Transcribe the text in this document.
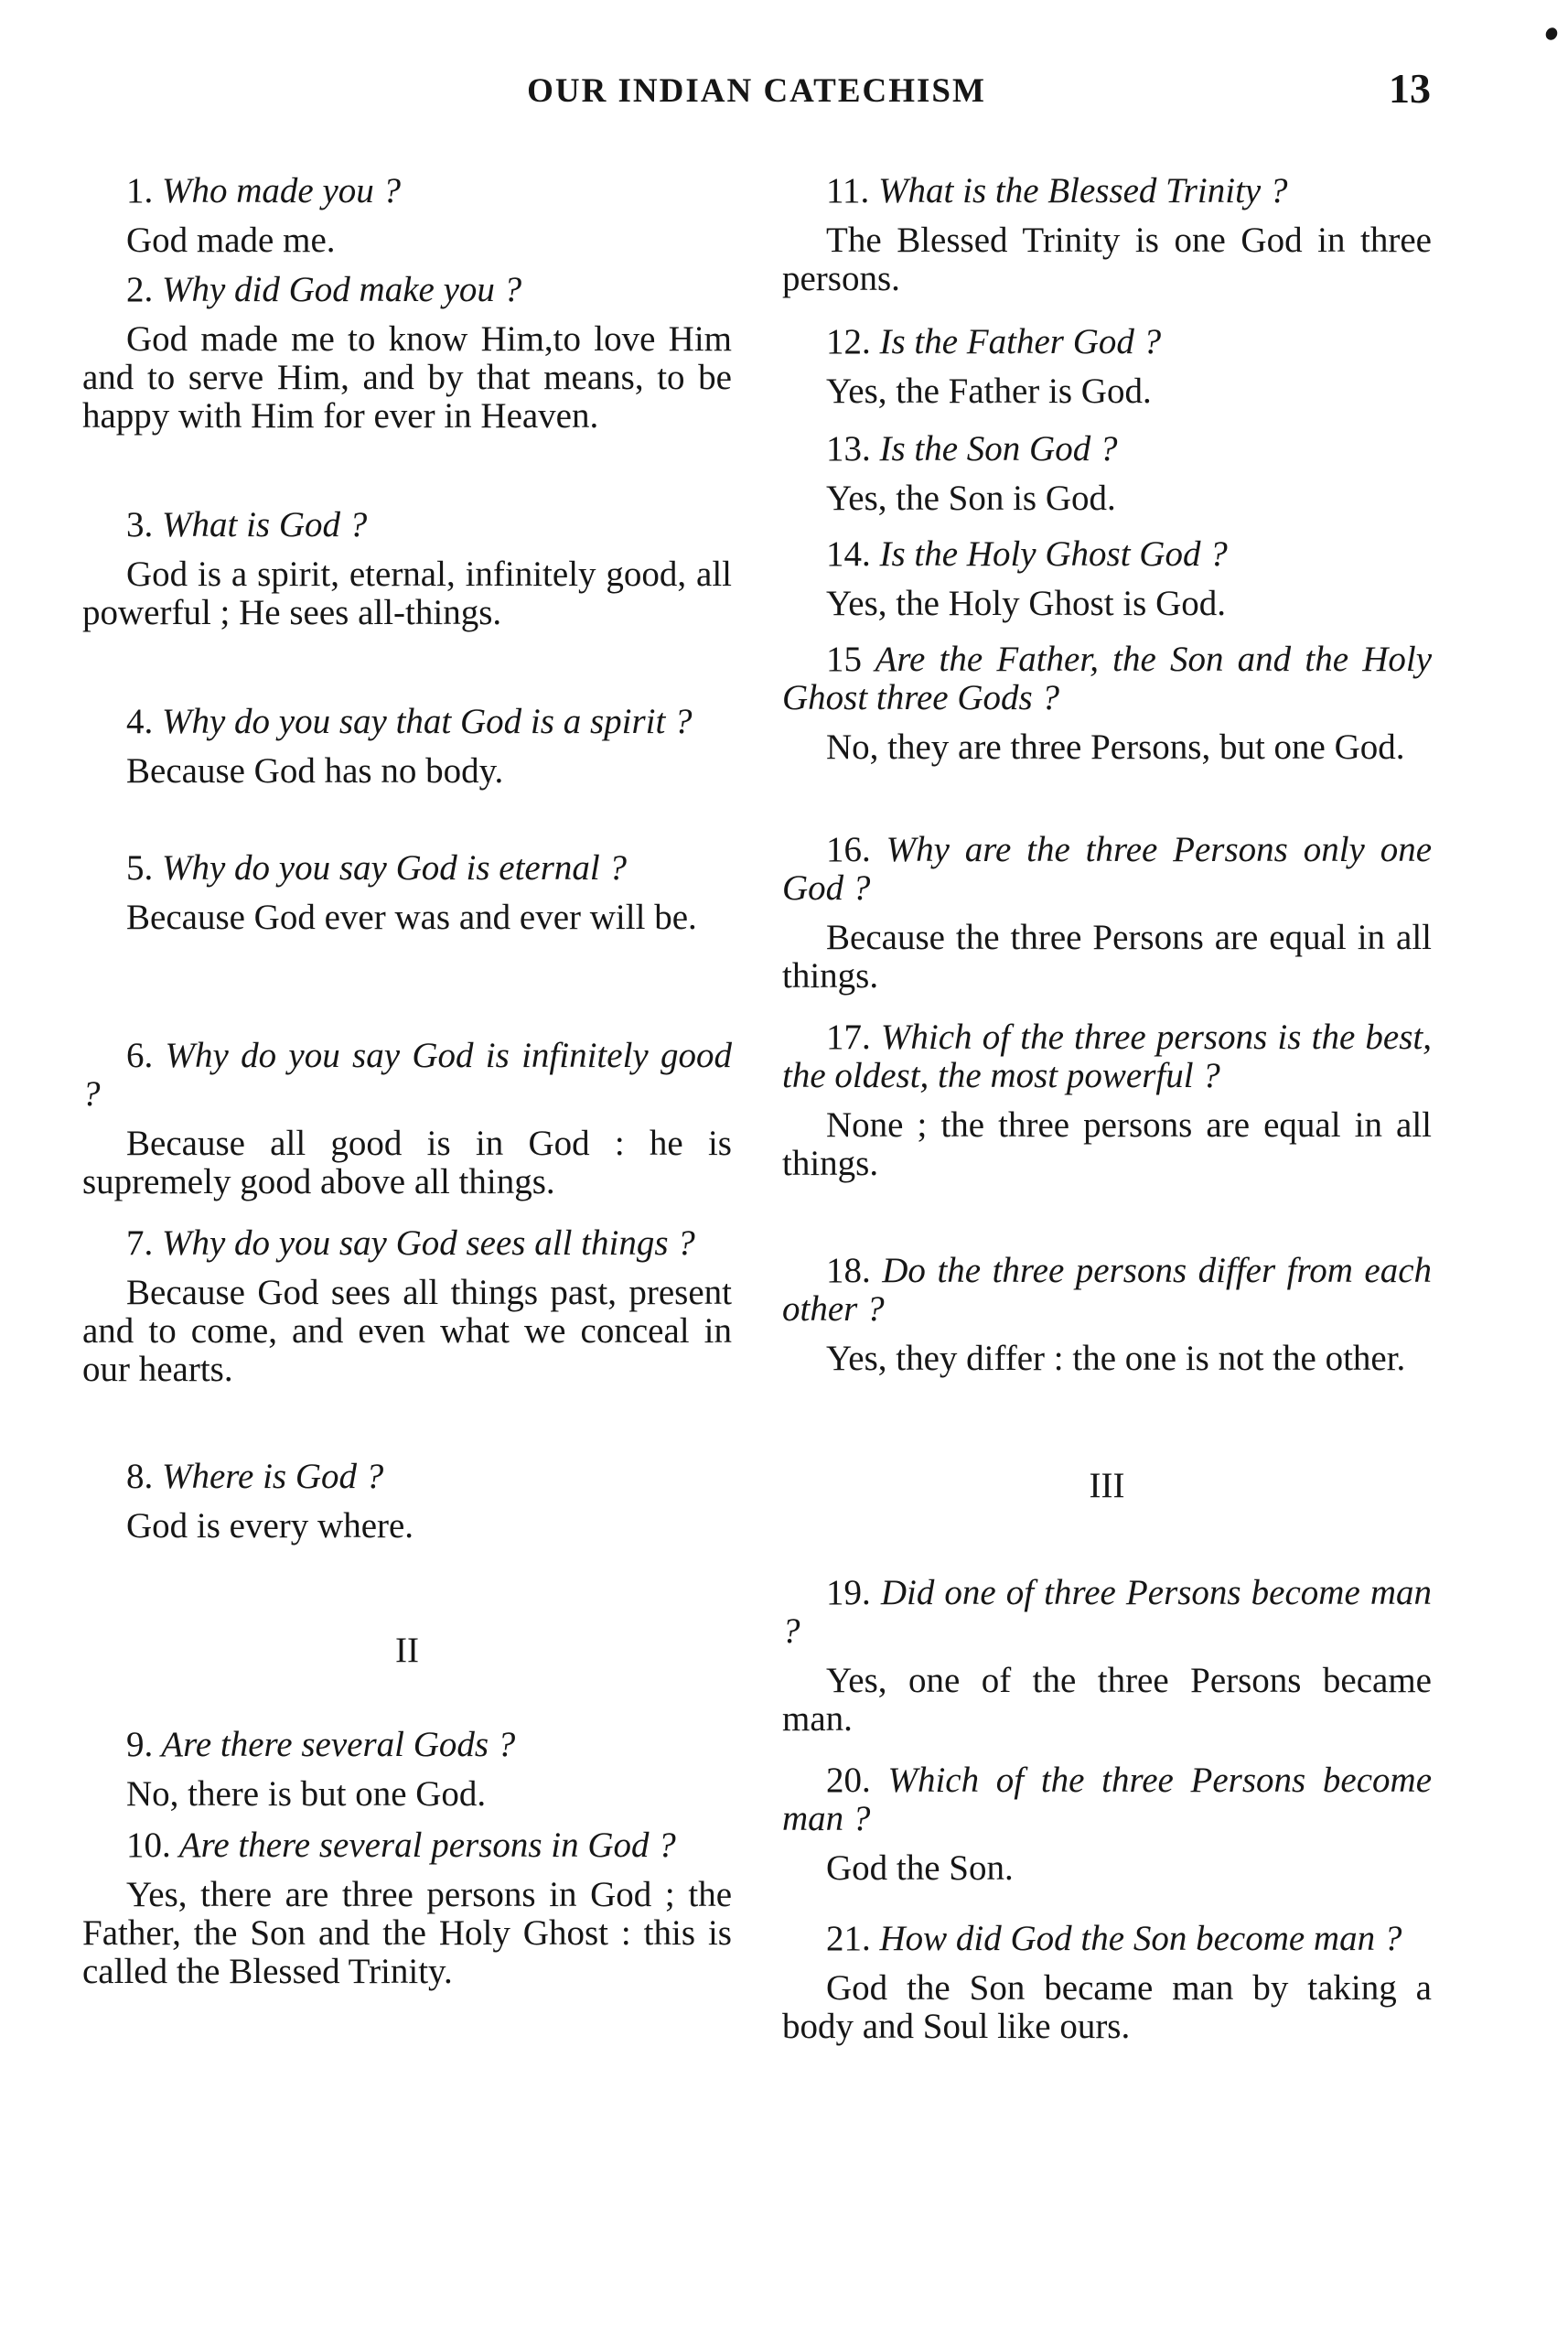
OUR INDIAN CATECHISM	13

1. Who made you ?

God made me.

2. Why did God make you ?

God made me to know Him,to love Him and to serve Him, and by that means, to be happy with Him for ever in Heaven.

3. What is God ?

God is a spirit, eternal, infinitely good, all powerful ; He sees all-things.

4. Why do you say that God is a spirit ?

Because God has no body.

5. Why do you say God is eternal ?

Because God ever was and ever will be.

6. Why do you say God is infinitely good ?

Because all good is in God : he is supremely good above all things.

7. Why do you say God sees all things ?

Because God sees all things past, present and to come, and even what we conceal in our hearts.

8. Where is God ?

God is every where.

II

9. Are there several Gods ?

No, there is but one God.

10. Are there several persons in God ?

Yes, there are three persons in God ; the Father, the Son and the Holy Ghost : this is called the Blessed Trinity.

11. What is the Blessed Trinity ?

The Blessed Trinity is one God in three persons.

12. Is the Father God ?

Yes, the Father is God.

13. Is the Son God ?

Yes, the Son is God.

14. Is the Holy Ghost God ?

Yes, the Holy Ghost is God.

15 Are the Father, the Son and the Holy Ghost three Gods ?

No, they are three Persons, but one God.

16. Why are the three Persons only one God ?

Because the three Persons are equal in all things.

17. Which of the three persons is the best, the oldest, the most powerful ?

None ; the three persons are equal in all things.

18. Do the three persons differ from each other ?

Yes, they differ : the one is not the other.

III

19. Did one of three Persons become man ?

Yes, one of the three Persons became man.

20. Which of the three Persons become man ?

God the Son.

21. How did God the Son become man ?

God the Son became man by taking a body and Soul like ours.
